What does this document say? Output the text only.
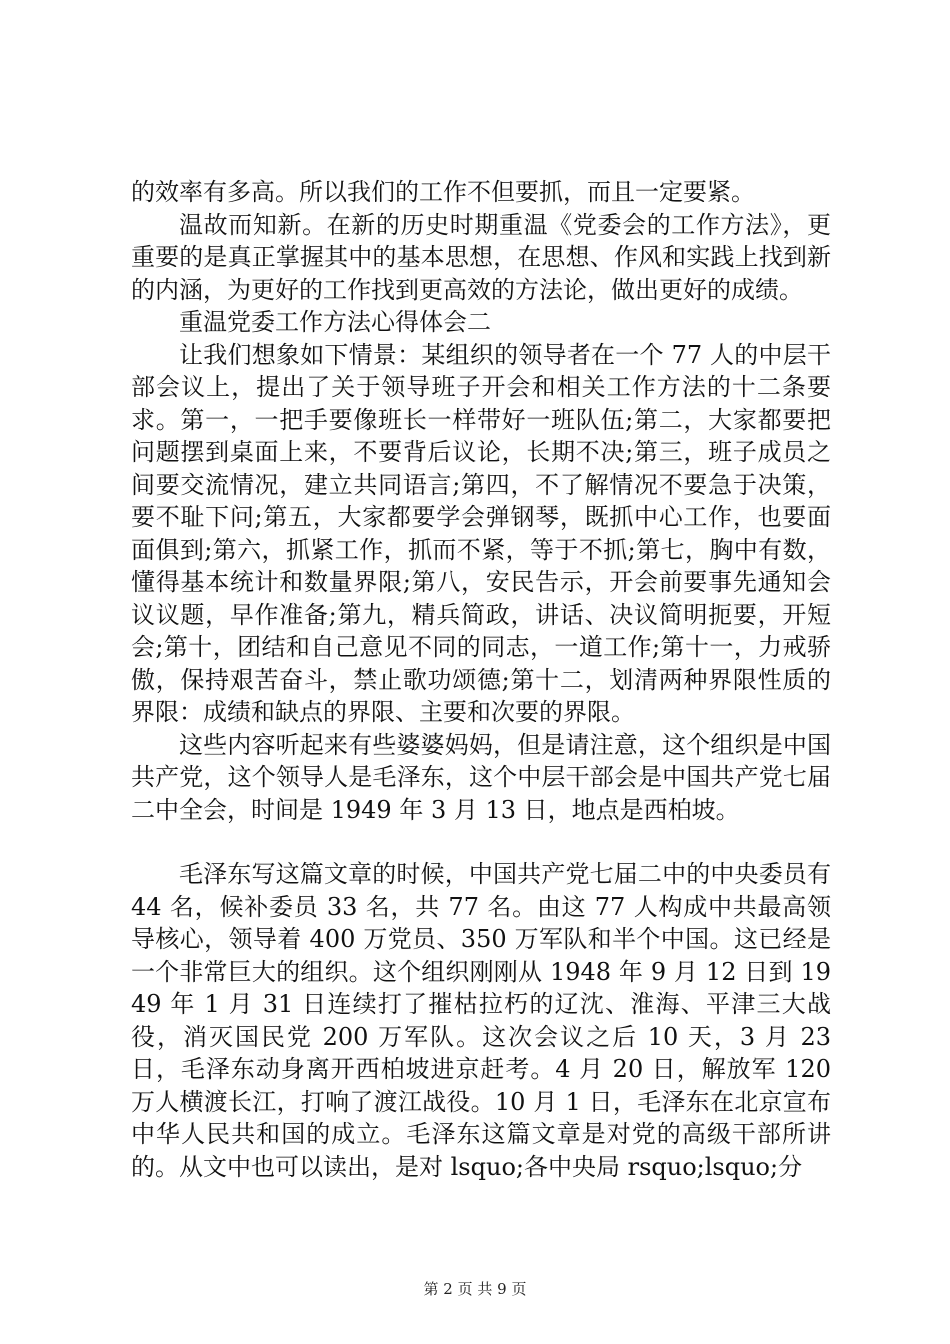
的效率有多高。所以我们的工作不但要抓，而且一定要紧。

温故而知新。在新的历史时期重温《党委会的工作方法》，更重要的是真正掌握其中的基本思想，在思想、作风和实践上找到新的内涵，为更好的工作找到更高效的方法论，做出更好的成绩。

重温党委工作方法心得体会二

让我们想象如下情景：某组织的领导者在一个 77 人的中层干部会议上，提出了关于领导班子开会和相关工作方法的十二条要求。第一，一把手要像班长一样带好一班队伍;第二，大家都要把问题摆到桌面上来，不要背后议论，长期不决;第三，班子成员之间要交流情况，建立共同语言;第四，不了解情况不要急于决策，要不耻下问;第五，大家都要学会弹钢琴，既抓中心工作，也要面面俱到;第六，抓紧工作，抓而不紧，等于不抓;第七，胸中有数，懂得基本统计和数量界限;第八，安民告示，开会前要事先通知会议议题，早作准备;第九，精兵简政，讲话、决议简明扼要，开短会;第十，团结和自己意见不同的同志，一道工作;第十一，力戒骄傲，保持艰苦奋斗，禁止歌功颂德;第十二，划清两种界限性质的界限：成绩和缺点的界限、主要和次要的界限。

这些内容听起来有些婆婆妈妈，但是请注意，这个组织是中国共产党，这个领导人是毛泽东，这个中层干部会是中国共产党七届二中全会，时间是 1949 年 3 月 13 日，地点是西柏坡。

毛泽东写这篇文章的时候，中国共产党七届二中的中央委员有 44 名，候补委员 33 名，共 77 名。由这 77 人构成中共最高领导核心，领导着 400 万党员、350 万军队和半个中国。这已经是一个非常巨大的组织。这个组织刚刚从 1948 年 9 月 12 日到 1949 年 1 月 31 日连续打了摧枯拉朽的辽沈、淮海、平津三大战役，消灭国民党 200 万军队。这次会议之后 10 天，3 月 23 日，毛泽东动身离开西柏坡进京赶考。4 月 20 日，解放军 120 万人横渡长江，打响了渡江战役。10 月 1 日，毛泽东在北京宣布中华人民共和国的成立。毛泽东这篇文章是对党的高级干部所讲的。从文中也可以读出，是对 lsquo;各中央局 rsquo;lsquo;分

第 2 页 共 9 页
